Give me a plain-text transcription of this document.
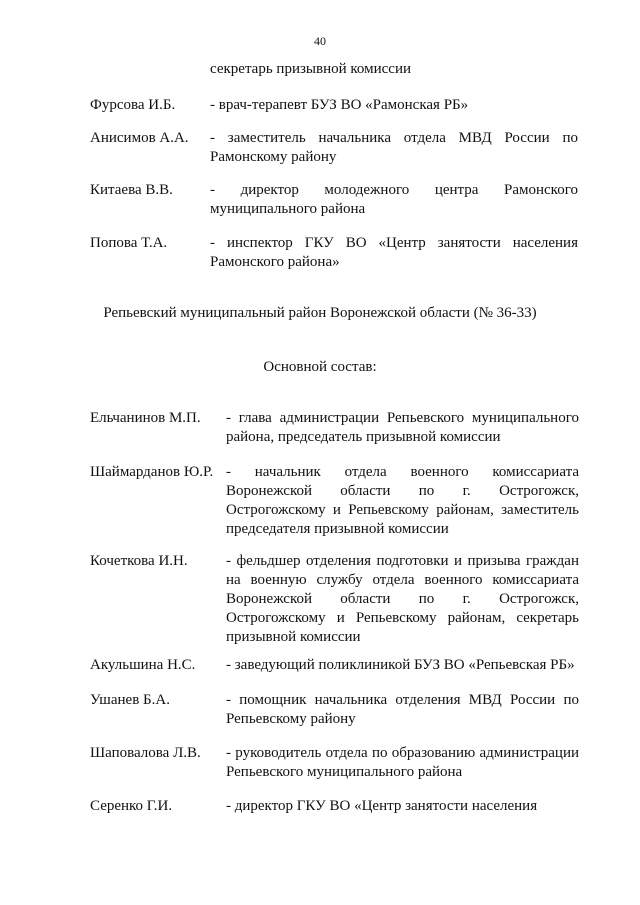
40
секретарь призывной комиссии
Фурсова И.Б. - врач-терапевт БУЗ ВО «Рамонская РБ»
Анисимов А.А. - заместитель начальника отдела МВД России по Рамонскому району
Китаева В.В. - директор молодежного центра Рамонского муниципального района
Попова Т.А.	- инспектор ГКУ ВО «Центр занятости населения Рамонского района»
Репьевский муниципальный район Воронежской области (№ 36-33)
Основной состав:
Ельчанинов М.П. - глава администрации Репьевского муниципального района, председатель призывной комиссии
Шаймарданов Ю.Р. - начальник отдела военного комиссариата Воронежской области по г. Острогожск, Острогожскому и Репьевскому районам, заместитель председателя призывной комиссии
Кочеткова И.Н.	- фельдшер отделения подготовки и призыва граждан на военную службу отдела военного комиссариата Воронежской области по г. Острогожск, Острогожскому и Репьевскому районам, секретарь призывной комиссии
Акульшина Н.С. - заведующий поликлиникой БУЗ ВО «Репьевская РБ»
Ушанев Б.А.	- помощник начальника отделения МВД России по Репьевскому району
Шаповалова Л.В. - руководитель отдела по образованию администрации Репьевского муниципального района
Серенко Г.И.	- директор ГКУ ВО «Центр занятости населения
